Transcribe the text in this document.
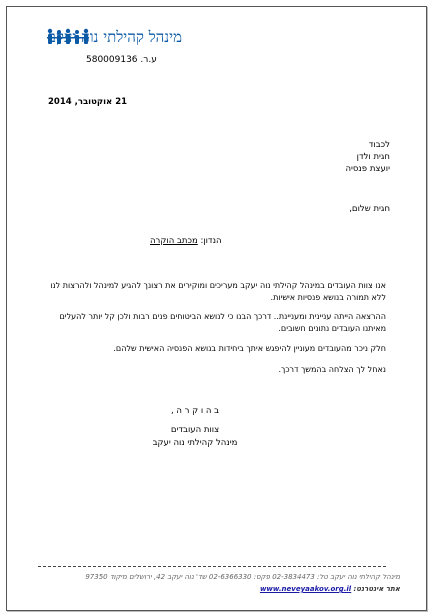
מינהל קהילתי נוה יעקב
ע.ר. 580009136
21 אוקטובר, 2014
לכבוד
חגית ולדן
יועצת פנסיה
חגית שלום,
הנדון: מכתב הוקרה
אנו צוות העובדים במינהל קהילתי נוה יעקב מעריכים ומוקירים את רצונך להגיע למינהל ולהרצות לנו ללא תמורה בנושא פנסיות אישיות.
ההרצאה הייתה עניינית ומעניינת.. דרכך הבנו כי לנושא הביטוחים פנים רבות ולכן קל יותר להעלים מאיתנו העובדים נתונים חשובים.
חלק ניכר מהעובדים מעוניין להיפגש איתך ביחידות בנושא הפנסיה האישית שלהם.
נאחל לך הצלחה בהמשך דרכך.
ב ה ו ק ר ה ,
צוות העובדים
מינהל קהילתי נוה יעקב
מינהל קהילתי נוה יעקב טל: 02-3834473 פקס: 02-6366330 שד' נוה יעקב 42, ירושלים מיקוד 97350
אתר אינטרנט: www.neveyaakov.org.il
